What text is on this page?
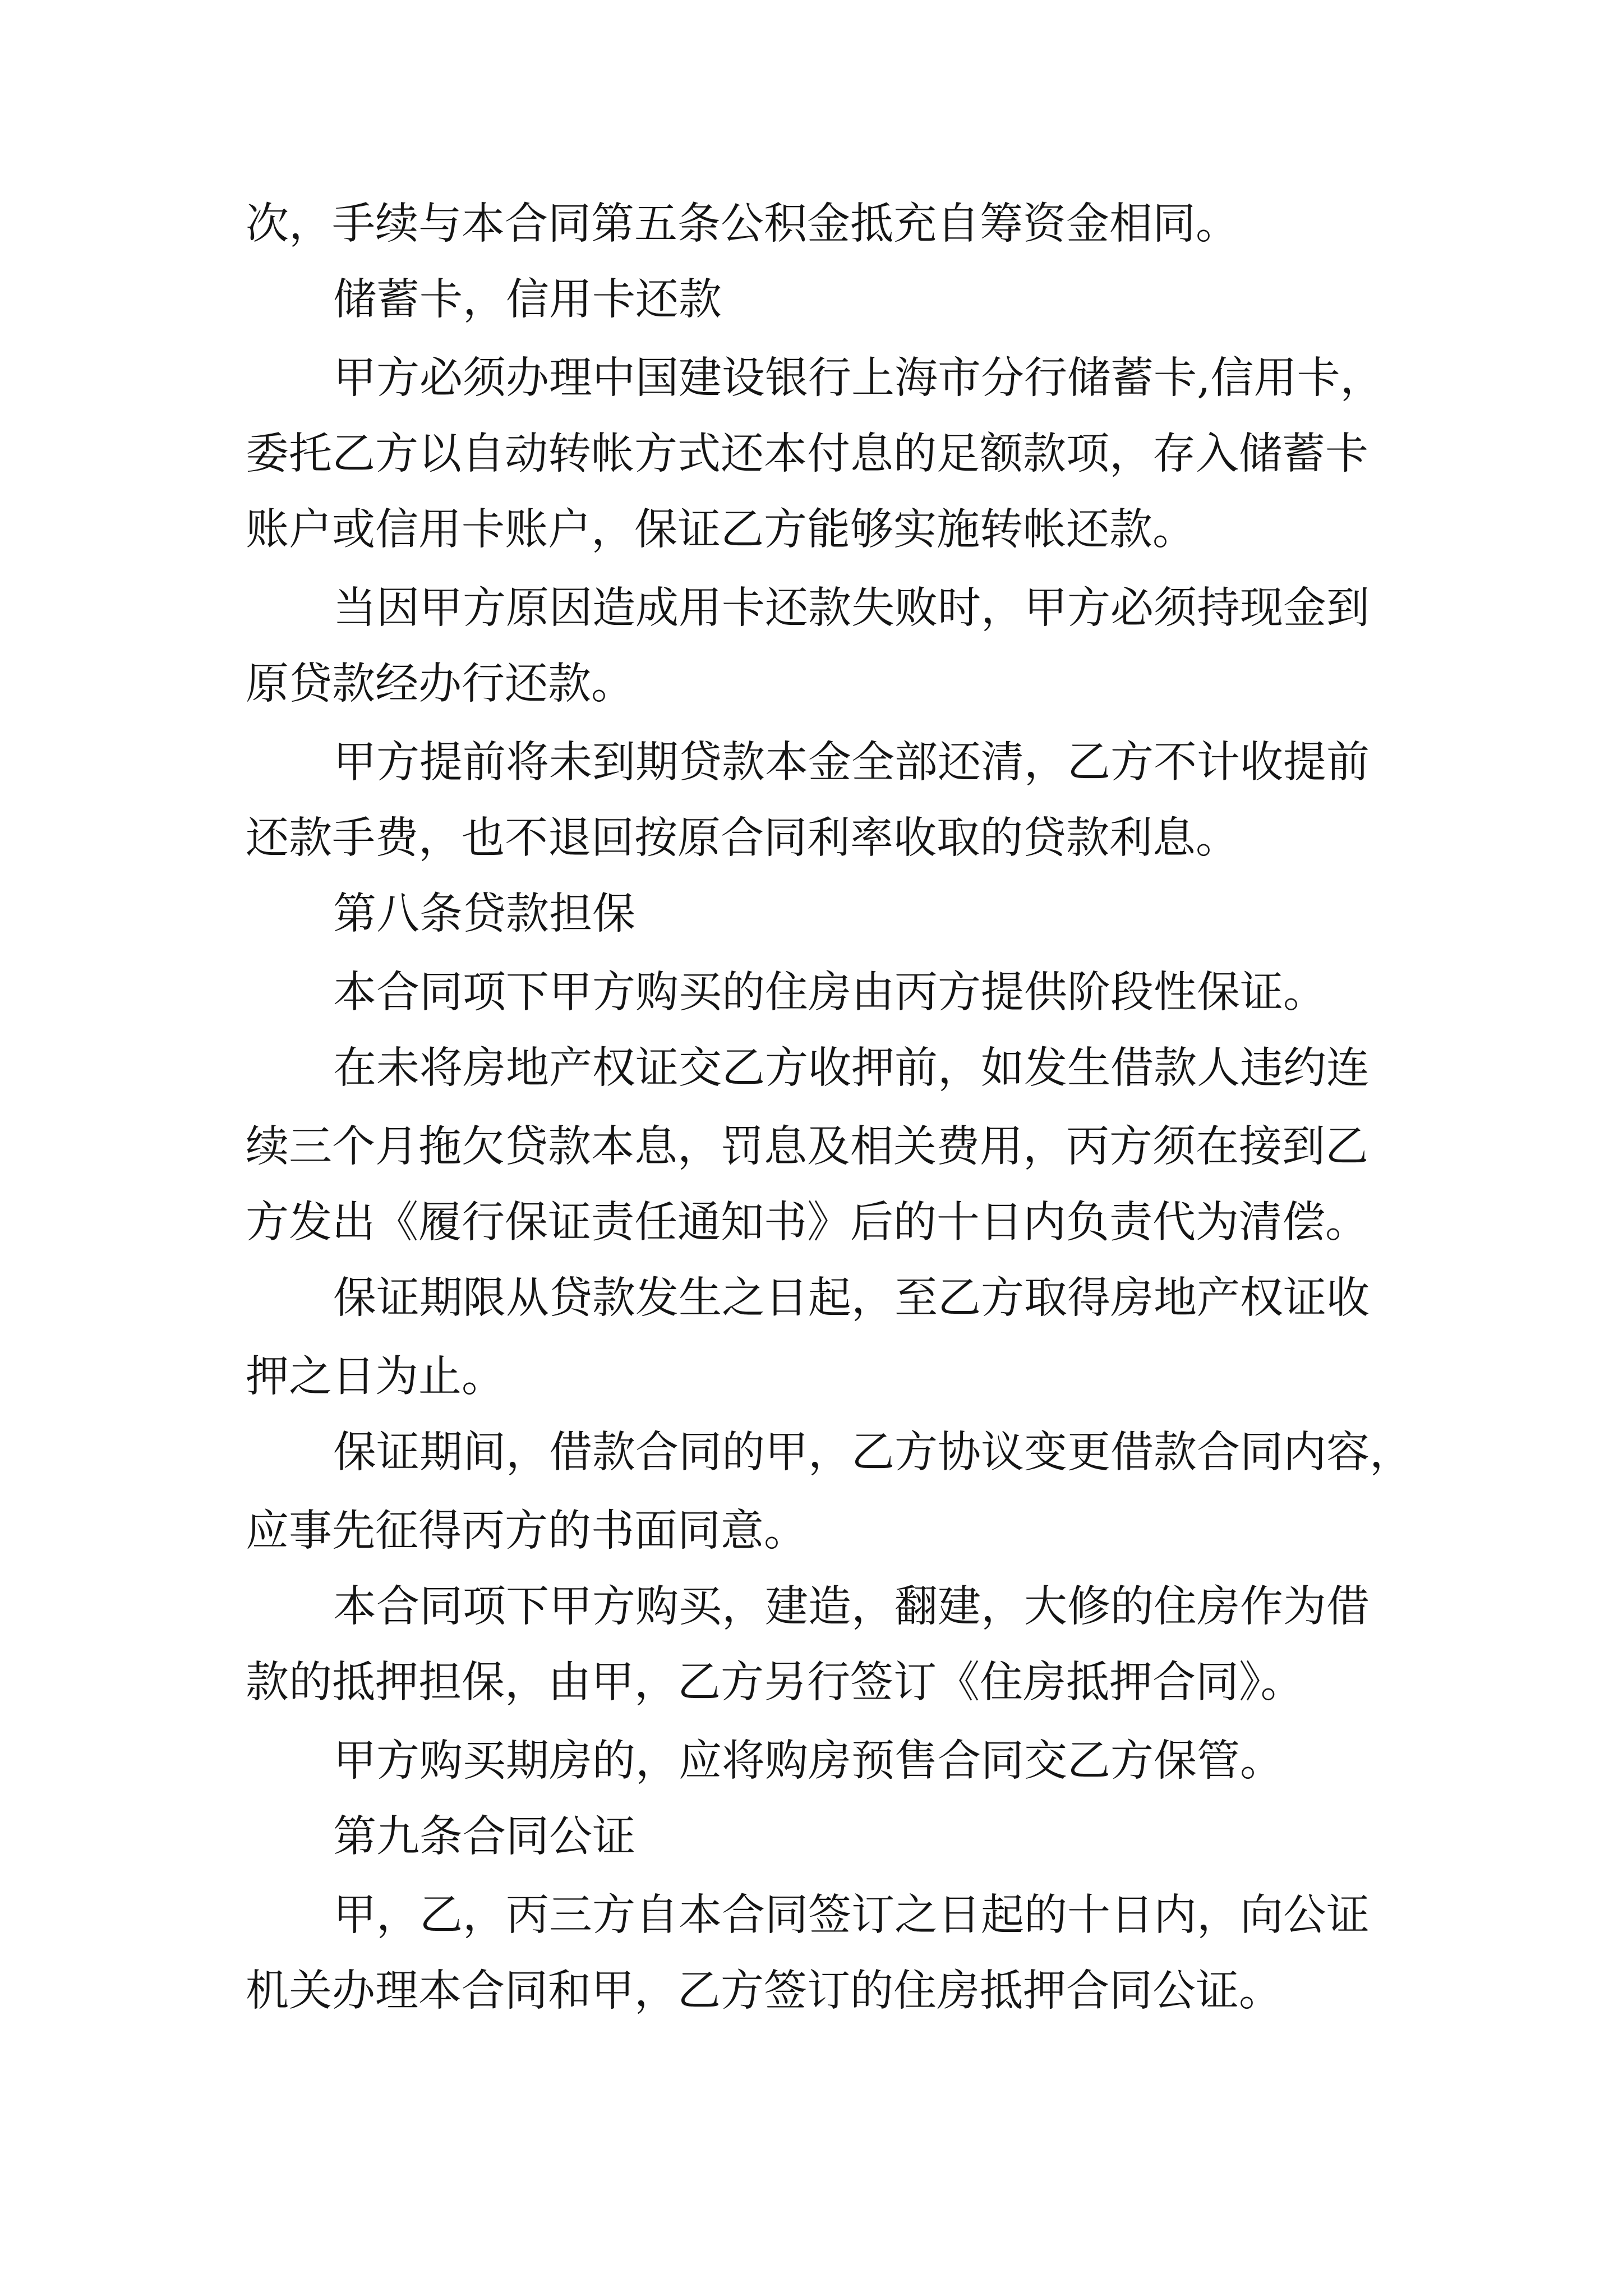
次，手续与本合同第五条公积金抵充自筹资金相同。
储蓄卡，信用卡还款
甲方必须办理中国建设银行上海市分行储蓄卡,信用卡，
委托乙方以自动转帐方式还本付息的足额款项，存入储蓄卡
账户或信用卡账户，保证乙方能够实施转帐还款。
当因甲方原因造成用卡还款失败时，甲方必须持现金到
原贷款经办行还款。
甲方提前将未到期贷款本金全部还清，乙方不计收提前
还款手费，也不退回按原合同利率收取的贷款利息。
第八条贷款担保
本合同项下甲方购买的住房由丙方提供阶段性保证。
在未将房地产权证交乙方收押前，如发生借款人违约连
续三个月拖欠贷款本息，罚息及相关费用，丙方须在接到乙
方发出《履行保证责任通知书》后的十日内负责代为清偿。
保证期限从贷款发生之日起，至乙方取得房地产权证收
押之日为止。
保证期间，借款合同的甲，乙方协议变更借款合同内容，
应事先征得丙方的书面同意。
本合同项下甲方购买，建造，翻建，大修的住房作为借
款的抵押担保，由甲，乙方另行签订《住房抵押合同》。
甲方购买期房的，应将购房预售合同交乙方保管。
第九条合同公证
甲，乙，丙三方自本合同签订之日起的十日内，向公证
机关办理本合同和甲，乙方签订的住房抵押合同公证。
